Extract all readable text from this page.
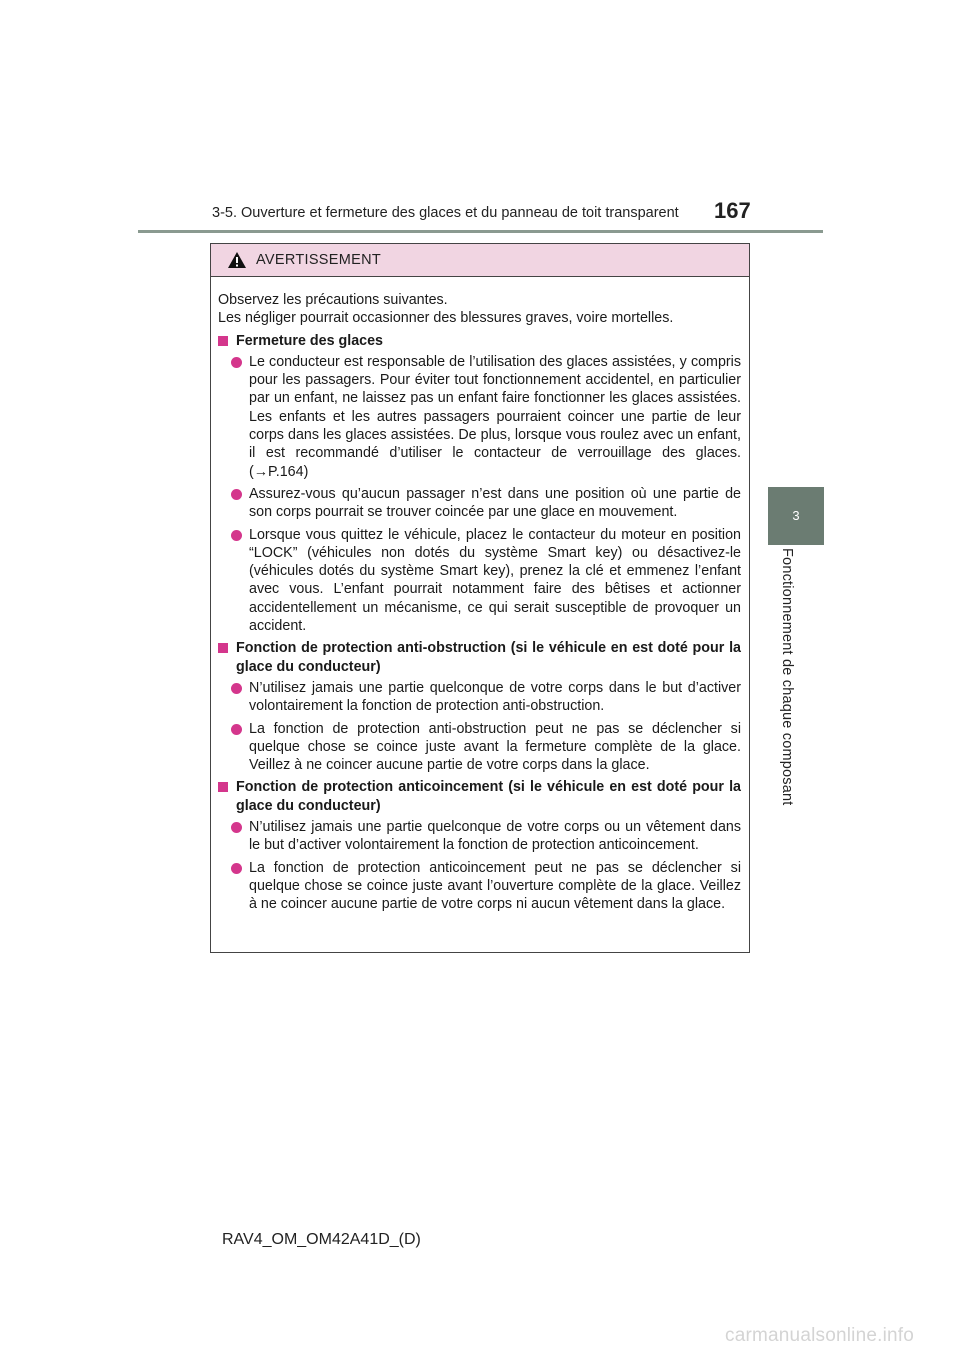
3-5. Ouverture et fermeture des glaces et du panneau de toit transparent 167
3
Fonctionnement de chaque composant
AVERTISSEMENT

Observez les précautions suivantes.

Les négliger pourrait occasionner des blessures graves, voire mortelles.

Fermeture des glaces
Le conducteur est responsable de l’utilisation des glaces assistées, y compris pour les passagers. Pour éviter tout fonctionnement accidentel, en particulier par un enfant, ne laissez pas un enfant faire fonctionner les glaces assistées. Les enfants et les autres passagers pourraient coincer une partie de leur corps dans les glaces assistées. De plus, lorsque vous roulez avec un enfant, il est recommandé d’utiliser le contacteur de verrouillage des glaces. (→P.164)
Assurez-vous qu’aucun passager n’est dans une position où une partie de son corps pourrait se trouver coincée par une glace en mouvement.
Lorsque vous quittez le véhicule, placez le contacteur du moteur en position “LOCK” (véhicules non dotés du système Smart key) ou désactivez-le (véhicules dotés du système Smart key), prenez la clé et emmenez l’enfant avec vous. L’enfant pourrait notamment faire des bêtises et actionner accidentellement un mécanisme, ce qui serait susceptible de provoquer un accident.
Fonction de protection anti-obstruction (si le véhicule en est doté pour la glace du conducteur)
N’utilisez jamais une partie quelconque de votre corps dans le but d’activer volontairement la fonction de protection anti-obstruction.
La fonction de protection anti-obstruction peut ne pas se déclencher si quelque chose se coince juste avant la fermeture complète de la glace. Veillez à ne coincer aucune partie de votre corps dans la glace.
Fonction de protection anticoincement (si le véhicule en est doté pour la glace du conducteur)
N’utilisez jamais une partie quelconque de votre corps ou un vêtement dans le but d’activer volontairement la fonction de protection anticoincement.
La fonction de protection anticoincement peut ne pas se déclencher si quelque chose se coince juste avant l’ouverture complète de la glace. Veillez à ne coincer aucune partie de votre corps ni aucun vêtement dans la glace.
RAV4_OM_OM42A41D_(D)
carmanualsonline.info
